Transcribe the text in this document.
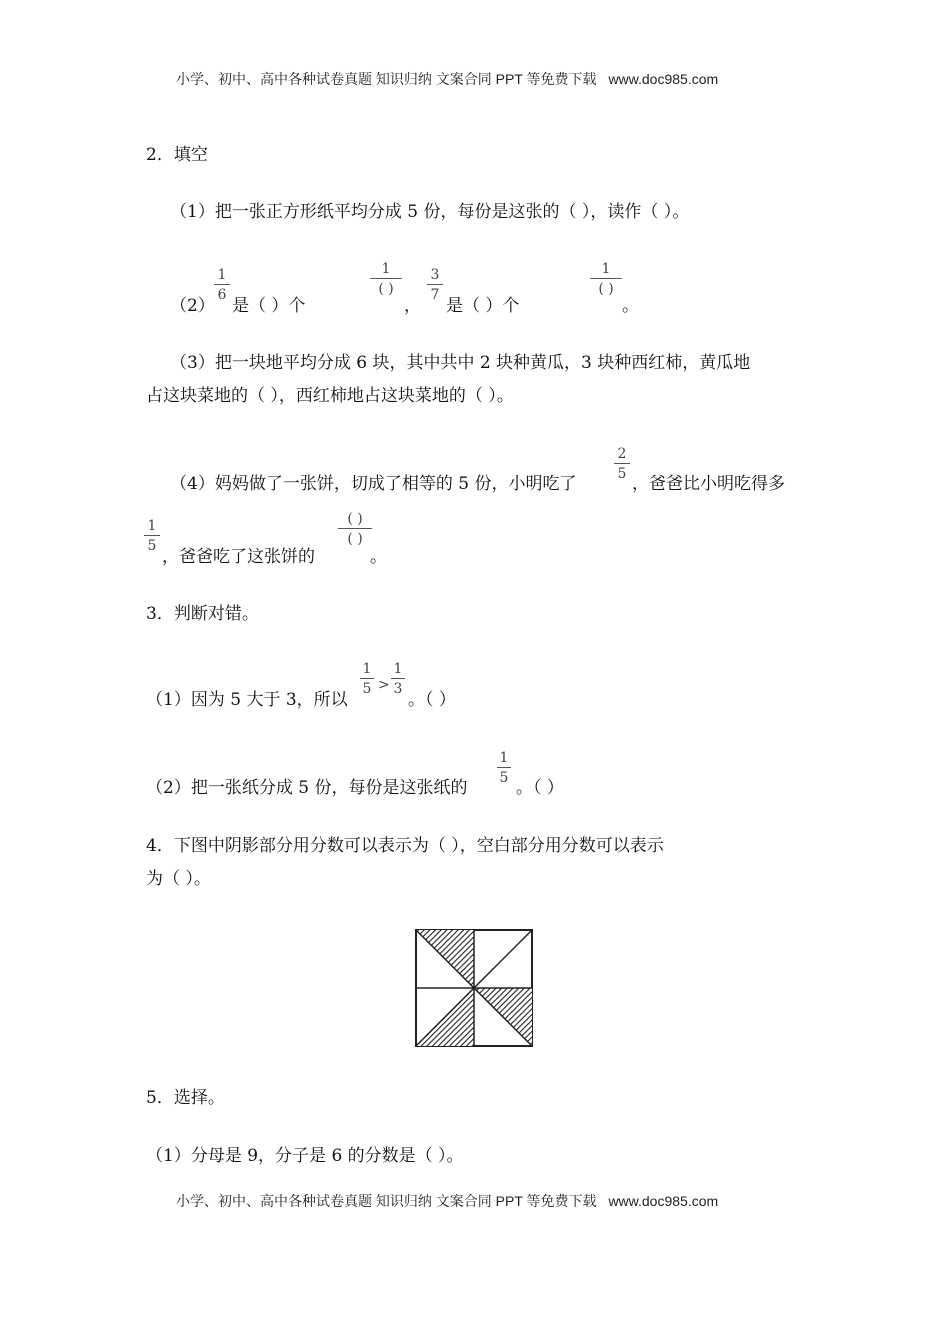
小学、初中、高中各种试卷真题 知识归纳 文案合同 PPT 等免费下载 www.doc985.com
2．填空
（1）把一张正方形纸平均分成 5 份，每份是这张的（ ），读作（ ）。
（2）
1
6
是（ ）个
1
( )
，
3
7
是（ ）个
1
( )
。
（3）把一块地平均分成 6 块，其中共中 2 块种黄瓜，3 块种西红柿，黄瓜地
占这块菜地的（ ），西红柿地占这块菜地的（ ）。
（4）妈妈做了一张饼，切成了相等的 5 份，小明吃了
2
5 ，爸爸比小明吃得多
1
5
，爸爸吃了这张饼的
( )
( )
。
3．判断对错。
（1）因为 5 大于 3，所以
1
5 >
1
3
。（ ）
（2）把一张纸分成 5 份，每份是这张纸的
1
5 。（ ）
4．下图中阴影部分用分数可以表示为（ ），空白部分用分数可以表示
为（ ）。
5．选择。
（1）分母是 9，分子是 6 的分数是（ ）。
小学、初中、高中各种试卷真题 知识归纳 文案合同 PPT 等免费下载 www.doc985.com
